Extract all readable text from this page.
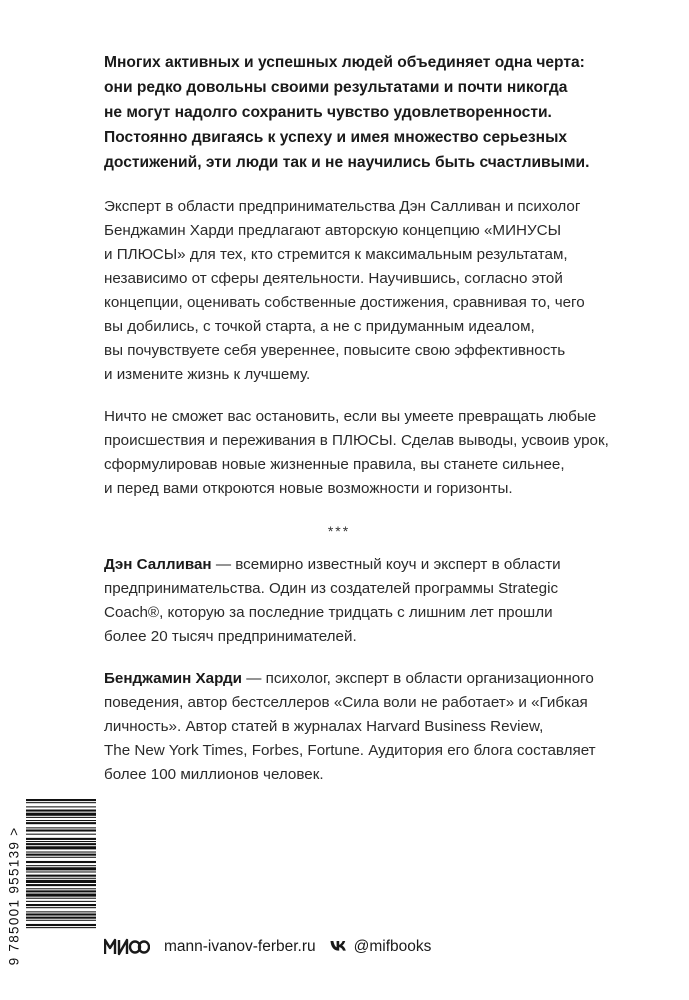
Многих активных и успешных людей объединяет одна черта:
они редко довольны своими результатами и почти никогда
не могут надолго сохранить чувство удовлетворенности.
Постоянно двигаясь к успеху и имея множество серьезных
достижений, эти люди так и не научились быть счастливыми.
Эксперт в области предпринимательства Дэн Салливан и психолог
Бенджамин Харди предлагают авторскую концепцию «МИНУСЫ
и ПЛЮСЫ» для тех, кто стремится к максимальным результатам,
независимо от сферы деятельности. Научившись, согласно этой
концепции, оценивать собственные достижения, сравнивая то, чего
вы добились, с точкой старта, а не с придуманным идеалом,
вы почувствуете себя увереннее, повысите свою эффективность
и измените жизнь к лучшему.
Ничто не сможет вас остановить, если вы умеете превращать любые
происшествия и переживания в ПЛЮСЫ. Сделав выводы, усвоив урок,
сформулировав новые жизненные правила, вы станете сильнее,
и перед вами откроются новые возможности и горизонты.
***
Дэн Салливан — всемирно известный коуч и эксперт в области
предпринимательства. Один из создателей программы Strategic
Coach®, которую за последние тридцать с лишним лет прошли
более 20 тысяч предпринимателей.
Бенджамин Харди — психолог, эксперт в области организационного
поведения, автор бестселлеров «Сила воли не работает» и «Гибкая
личность». Автор статей в журналах Harvard Business Review,
The New York Times, Forbes, Fortune. Аудитория его блога составляет
более 100 миллионов человек.
9 785001 955139 >	mann-ivanov-ferber.ru @mifbooks
